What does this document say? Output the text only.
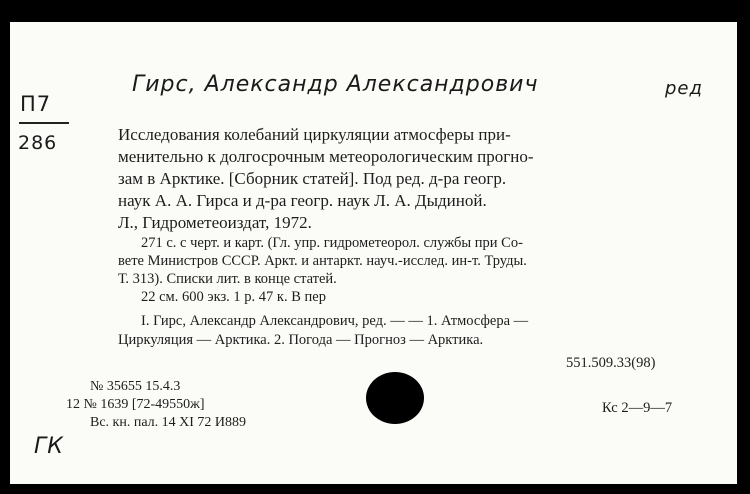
Гирс, Александр Александрович	ред
П7
286	Исследования колебаний циркуляции атмосферы при-
менительно к долгосрочным метеорологическим прогно-
зам в Арктике. [Сборник статей]. Под ред. д-ра геогр.
наук А. А. Гирса и д-ра геогр. наук Л. А. Дыдиной.
Л., Гидрометеоиздат, 1972.
271 с. с черт. и карт. (Гл. упр. гидрометеорол. службы при Со-
вете Министров СССР. Аркт. и антаркт. науч.-исслед. ин-т. Труды.
Т. 313). Списки лит. в конце статей.
22 см. 600 экз. 1 р. 47 к. В пер
I. Гирс, Александр Александрович, ред. — — 1. Атмосфера —
Циркуляция — Арктика. 2. Погода — Прогноз — Арктика.
551.509.33(98)
№ 35655 15.4.3
12 № 1639 [72-49550ж]
Вс. кн. пал. 14 XI 72 И889
Кс 2—9—7
ГК
